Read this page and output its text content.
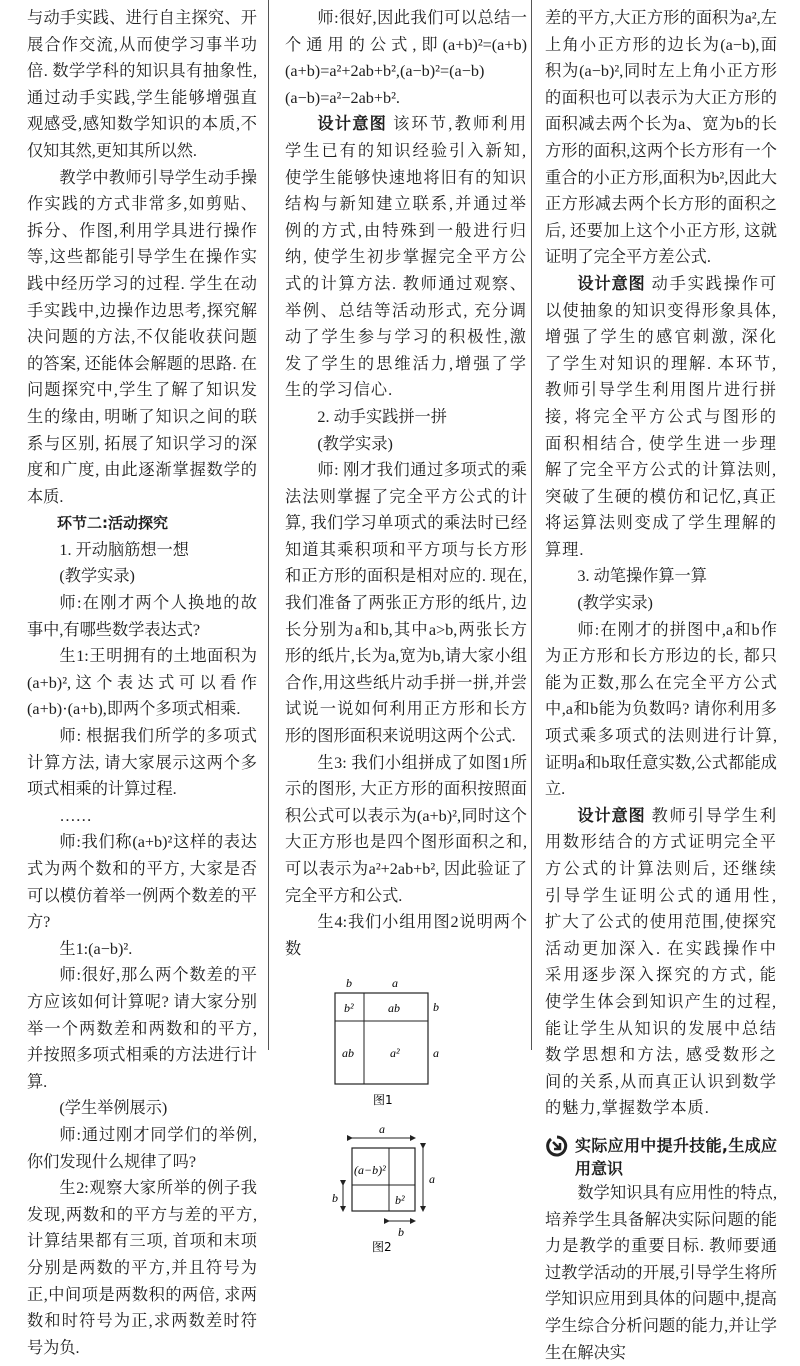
与动手实践、进行自主探究、开展合作交流,从而使学习事半功倍. 数学学科的知识具有抽象性, 通过动手实践,学生能够增强直观感受,感知数学知识的本质,不仅知其然,更知其所以然.

教学中教师引导学生动手操作实践的方式非常多,如剪贴、拆分、作图,利用学具进行操作等,这些都能引导学生在操作实践中经历学习的过程. 学生在动手实践中,边操作边思考,探究解决问题的方法,不仅能收获问题的答案, 还能体会解题的思路. 在问题探究中,学生了解了知识发生的缘由, 明晰了知识之间的联系与区别, 拓展了知识学习的深度和广度, 由此逐渐掌握数学的本质.

环节二:活动探究

1. 开动脑筋想一想

(教学实录)

师:在刚才两个人换地的故事中,有哪些数学表达式?

生1:王明拥有的土地面积为(a+b)²,这个表达式可以看作(a+b)·(a+b),即两个多项式相乘.

师: 根据我们所学的多项式计算方法, 请大家展示这两个多项式相乘的计算过程.

……

师:我们称(a+b)²这样的表达式为两个数和的平方, 大家是否可以模仿着举一例两个数差的平方?

生1:(a−b)².

师:很好,那么两个数差的平方应该如何计算呢? 请大家分别举一个两数差和两数和的平方, 并按照多项式相乘的方法进行计算.

(学生举例展示)

师:通过刚才同学们的举例,你们发现什么规律了吗?

生2:观察大家所举的例子我发现,两数和的平方与差的平方,计算结果都有三项, 首项和末项分别是两数的平方,并且符号为正,中间项是两数积的两倍, 求两数和时符号为正,求两数差时符号为负.

师:很好,因此我们可以总结一个通用的公式,即(a+b)²=(a+b)(a+b)=a²+2ab+b²,(a−b)²=(a−b)(a−b)=a²−2ab+b².

设计意图 该环节,教师利用学生已有的知识经验引入新知, 使学生能够快速地将旧有的知识结构与新知建立联系,并通过举例的方式,由特殊到一般进行归纳, 使学生初步掌握完全平方公式的计算方法. 教师通过观察、举例、总结等活动形式, 充分调动了学生参与学习的积极性,激发了学生的思维活力,增强了学生的学习信心.

2. 动手实践拼一拼

(教学实录)

师: 刚才我们通过多项式的乘法法则掌握了完全平方公式的计算, 我们学习单项式的乘法时已经知道其乘积项和平方项与长方形和正方形的面积是相对应的. 现在,我们准备了两张正方形的纸片, 边长分别为a和b,其中a>b,两张长方形的纸片,长为a,宽为b,请大家小组合作,用这些纸片动手拼一拼,并尝试说一说如何利用正方形和长方形的图形面积来说明这两个公式.

生3: 我们小组拼成了如图1所示的图形, 大正方形的面积按照面积公式可以表示为(a+b)²,同时这个大正方形也是四个图形面积之和,可以表示为a²+2ab+b², 因此验证了完全平方和公式.

生4:我们小组用图2说明两个数

b	a
b
a
b²	ab
ab	a²
图1
a
a
b
b
(a−b)²
b²
图2

差的平方,大正方形的面积为a²,左上角小正方形的边长为(a−b),面积为(a−b)²,同时左上角小正方形的面积也可以表示为大正方形的面积减去两个长为a、宽为b的长方形的面积,这两个长方形有一个重合的小正方形,面积为b²,因此大正方形减去两个长方形的面积之后, 还要加上这个小正方形, 这就证明了完全平方差公式.

设计意图 动手实践操作可以使抽象的知识变得形象具体, 增强了学生的感官刺激, 深化了学生对知识的理解. 本环节,教师引导学生利用图片进行拼接, 将完全平方公式与图形的面积相结合, 使学生进一步理解了完全平方公式的计算法则,突破了生硬的模仿和记忆,真正将运算法则变成了学生理解的算理.

3. 动笔操作算一算

(教学实录)

师:在刚才的拼图中,a和b作为正方形和长方形边的长, 都只能为正数,那么在完全平方公式中,a和b能为负数吗? 请你利用多项式乘多项式的法则进行计算, 证明a和b取任意实数,公式都能成立.

设计意图 教师引导学生利用数形结合的方式证明完全平方公式的计算法则后, 还继续引导学生证明公式的通用性, 扩大了公式的使用范围,使探究活动更加深入. 在实践操作中采用逐步深入探究的方式, 能使学生体会到知识产生的过程, 能让学生从知识的发展中总结数学思想和方法, 感受数形之间的关系,从而真正认识到数学的魅力,掌握数学本质.

实际应用中提升技能,生成应用意识

数学知识具有应用性的特点,培养学生具备解决实际问题的能力是教学的重要目标. 教师要通过教学活动的开展,引导学生将所学知识应用到具体的问题中,提高学生综合分析问题的能力,并让学生在解决实
